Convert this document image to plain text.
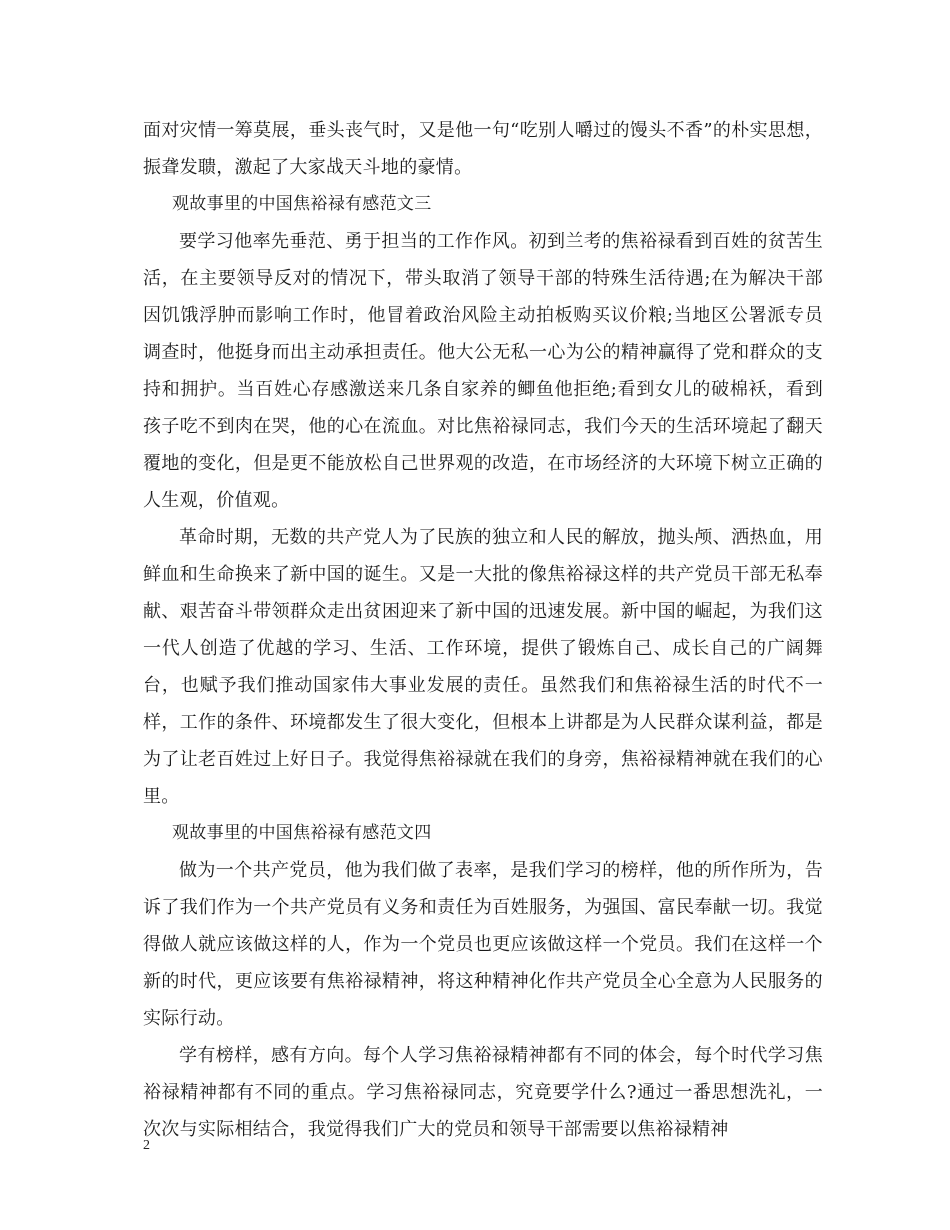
面对灾情一筹莫展，垂头丧气时，又是他一句“吃别人嚼过的馒头不香”的朴实思想，振聋发聩，激起了大家战天斗地的豪情。

观故事里的中国焦裕禄有感范文三

要学习他率先垂范、勇于担当的工作作风。初到兰考的焦裕禄看到百姓的贫苦生活，在主要领导反对的情况下，带头取消了领导干部的特殊生活待遇;在为解决干部因饥饿浮肿而影响工作时，他冒着政治风险主动拍板购买议价粮;当地区公署派专员调查时，他挺身而出主动承担责任。他大公无私一心为公的精神赢得了党和群众的支持和拥护。当百姓心存感激送来几条自家养的鲫鱼他拒绝;看到女儿的破棉袄，看到孩子吃不到肉在哭，他的心在流血。对比焦裕禄同志，我们今天的生活环境起了翻天覆地的变化，但是更不能放松自己世界观的改造，在市场经济的大环境下树立正确的人生观，价值观。

革命时期，无数的共产党人为了民族的独立和人民的解放，抛头颅、洒热血，用鲜血和生命换来了新中国的诞生。又是一大批的像焦裕禄这样的共产党员干部无私奉献、艰苦奋斗带领群众走出贫困迎来了新中国的迅速发展。新中国的崛起，为我们这一代人创造了优越的学习、生活、工作环境，提供了锻炼自己、成长自己的广阔舞台，也赋予我们推动国家伟大事业发展的责任。虽然我们和焦裕禄生活的时代不一样，工作的条件、环境都发生了很大变化，但根本上讲都是为人民群众谋利益，都是为了让老百姓过上好日子。我觉得焦裕禄就在我们的身旁，焦裕禄精神就在我们的心里。

观故事里的中国焦裕禄有感范文四

做为一个共产党员，他为我们做了表率，是我们学习的榜样，他的所作所为，告诉了我们作为一个共产党员有义务和责任为百姓服务，为强国、富民奉献一切。我觉得做人就应该做这样的人，作为一个党员也更应该做这样一个党员。我们在这样一个新的时代，更应该要有焦裕禄精神，将这种精神化作共产党员全心全意为人民服务的实际行动。

学有榜样，感有方向。每个人学习焦裕禄精神都有不同的体会，每个时代学习焦裕禄精神都有不同的重点。学习焦裕禄同志，究竟要学什么?通过一番思想洗礼，一次次与实际相结合，我觉得我们广大的党员和领导干部需要以焦裕禄精神

2
